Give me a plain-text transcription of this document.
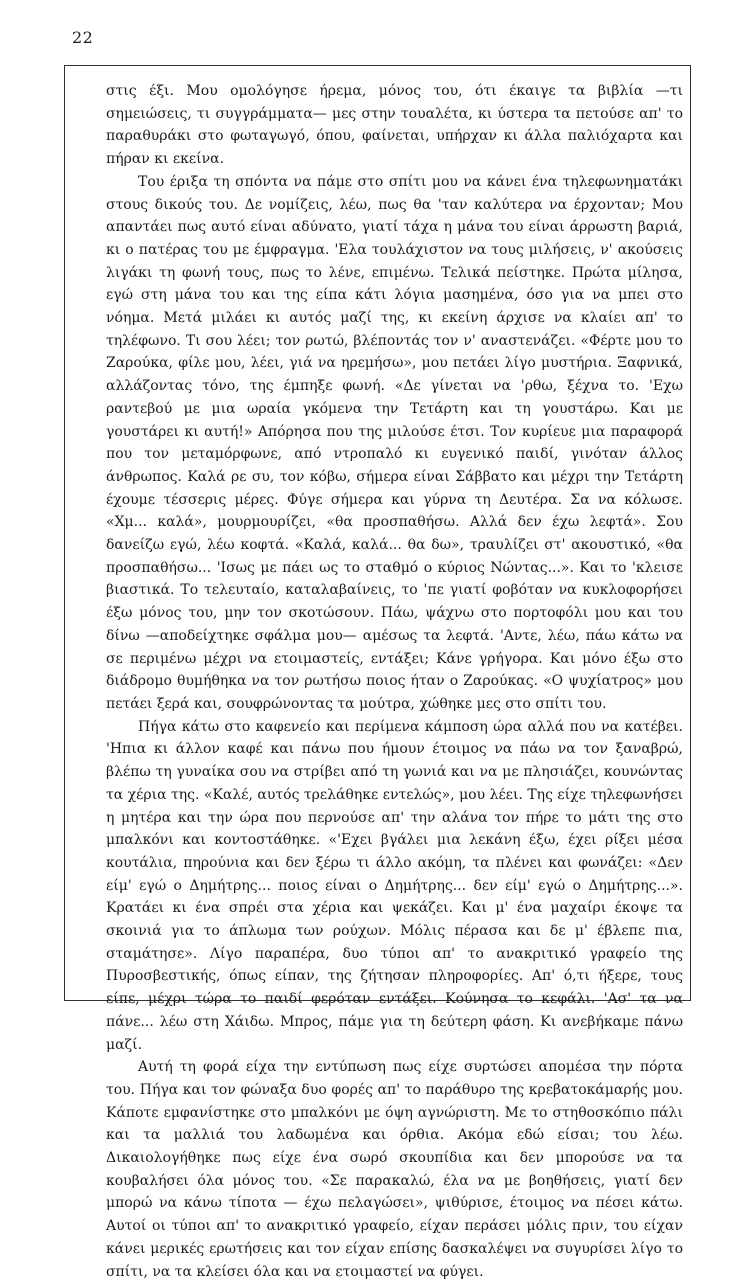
22

στις έξι. Μου ομολόγησε ήρεμα, μόνος του, ότι έκαιγε τα βιβλία —τι σημειώσεις, τι συγγράμματα— μες στην τουαλέτα, κι ύστερα τα πετούσε απ' το παραθυράκι στο φωταγωγό, όπου, φαίνεται, υπήρχαν κι άλλα παλιόχαρτα και πήραν κι εκείνα.

Του έριξα τη σπόντα να πάμε στο σπίτι μου να κάνει ένα τηλεφωνηματάκι στους δικούς του. Δε νομίζεις, λέω, πως θα 'ταν καλύτερα να έρχονταν; Μου απαντάει πως αυτό είναι αδύνατο, γιατί τάχα η μάνα του είναι άρρωστη βαριά, κι ο πατέρας του με έμφραγμα. 'Ελα τουλάχιστον να τους μιλήσεις, ν' ακούσεις λιγάκι τη φωνή τους, πως το λένε, επιμένω. Τελικά πείστηκε. Πρώτα μίλησα, εγώ στη μάνα του και της είπα κάτι λόγια μασημένα, όσο για να μπει στο νόημα. Μετά μιλάει κι αυτός μαζί της, κι εκείνη άρχισε να κλαίει απ' το τηλέφωνο. Τι σου λέει; τον ρωτώ, βλέποντάς τον ν' αναστενάζει. «Φέρτε μου το Ζαρούκα, φίλε μου, λέει, γιά να ηρεμήσω», μου πετάει λίγο μυστήρια. Ξαφνικά, αλλάζοντας τόνο, της έμπηξε φωνή. «Δε γίνεται να 'ρθω, ξέχνα το. 'Εχω ραντεβού με μια ωραία γκόμενα την Τετάρτη και τη γουστάρω. Και με γουστάρει κι αυτή!» Απόρησα που της μιλούσε έτσι. Τον κυρίευε μια παραφορά που τον μεταμόρφωνε, από ντροπαλό κι ευγενικό παιδί, γινόταν άλλος άνθρωπος. Καλά ρε συ, τον κόβω, σήμερα είναι Σάββατο και μέχρι την Τετάρτη έχουμε τέσσερις μέρες. Φύγε σήμερα και γύρνα τη Δευτέρα. Σα να κόλωσε. «Χμ... καλά», μουρμουρίζει, «θα προσπαθήσω. Αλλά δεν έχω λεφτά». Σου δανείζω εγώ, λέω κοφτά. «Καλά, καλά... θα δω», τραυλίζει στ' ακουστικό, «θα προσπαθήσω... 'Ισως με πάει ως το σταθμό ο κύριος Νώντας...». Και το 'κλεισε βιαστικά. Το τελευταίο, καταλαβαίνεις, το 'πε γιατί φοβόταν να κυκλοφορήσει έξω μόνος του, μην τον σκοτώσουν. Πάω, ψάχνω στο πορτοφόλι μου και του δίνω —αποδείχτηκε σφάλμα μου— αμέσως τα λεφτά. 'Αντε, λέω, πάω κάτω να σε περιμένω μέχρι να ετοιμαστείς, εντάξει; Κάνε γρήγορα. Και μόνο έξω στο διάδρομο θυμήθηκα να τον ρωτήσω ποιος ήταν ο Ζαρούκας. «Ο ψυχίατρος» μου πετάει ξερά και, σουφρώνοντας τα μούτρα, χώθηκε μες στο σπίτι του.

Πήγα κάτω στο καφενείο και περίμενα κάμποση ώρα αλλά που να κατέβει. 'Ηπια κι άλλον καφέ και πάνω που ήμουν έτοιμος να πάω να τον ξαναβρώ, βλέπω τη γυναίκα σου να στρίβει από τη γωνιά και να με πλησιάζει, κουνώντας τα χέρια της. «Καλέ, αυτός τρελάθηκε εντελώς», μου λέει. Της είχε τηλεφωνήσει η μητέρα και την ώρα που περνούσε απ' την αλάνα τον πήρε το μάτι της στο μπαλκόνι και κοντοστάθηκε. «'Εχει βγάλει μια λεκάνη έξω, έχει ρίξει μέσα κουτάλια, πηρούνια και δεν ξέρω τι άλλο ακόμη, τα πλένει και φωνάζει: «Δεν είμ' εγώ ο Δημήτρης... ποιος είναι ο Δημήτρης... δεν είμ' εγώ ο Δημήτρης...». Κρατάει κι ένα σπρέι στα χέρια και ψεκάζει. Και μ' ένα μαχαίρι έκοψε τα σκοινιά για το άπλωμα των ρούχων. Μόλις πέρασα και δε μ' έβλεπε πια, σταμάτησε». Λίγο παραπέρα, δυο τύποι απ' το ανακριτικό γραφείο της Πυροσβεστικής, όπως είπαν, της ζήτησαν πληροφορίες. Απ' ό,τι ήξερε, τους είπε, μέχρι τώρα το παιδί φερόταν εντάξει. Κούνησα το κεφάλι. 'Ασ' τα να πάνε... λέω στη Χάιδω. Μπρος, πάμε για τη δεύτερη φάση. Κι ανεβήκαμε πάνω μαζί.

Αυτή τη φορά είχα την εντύπωση πως είχε συρτώσει απομέσα την πόρτα του. Πήγα και τον φώναξα δυο φορές απ' το παράθυρο της κρεβατοκάμαρής μου. Κάποτε εμφανίστηκε στο μπαλκόνι με όψη αγνώριστη. Με το στηθοσκόπιο πάλι και τα μαλλιά του λαδωμένα και όρθια. Ακόμα εδώ είσαι; του λέω. Δικαιολογήθηκε πως είχε ένα σωρό σκουπίδια και δεν μπορούσε να τα κουβαλήσει όλα μόνος του. «Σε παρακαλώ, έλα να με βοηθήσεις, γιατί δεν μπορώ να κάνω τίποτα — έχω πελαγώσει», ψιθύρισε, έτοιμος να πέσει κάτω. Αυτοί οι τύποι απ' το ανακριτικό γραφείο, είχαν περάσει μόλις πριν, του είχαν κάνει μερικές ερωτήσεις και τον είχαν επίσης δασκαλέψει να συγυρίσει λίγο το σπίτι, να τα κλείσει όλα και να ετοιμαστεί να φύγει.
